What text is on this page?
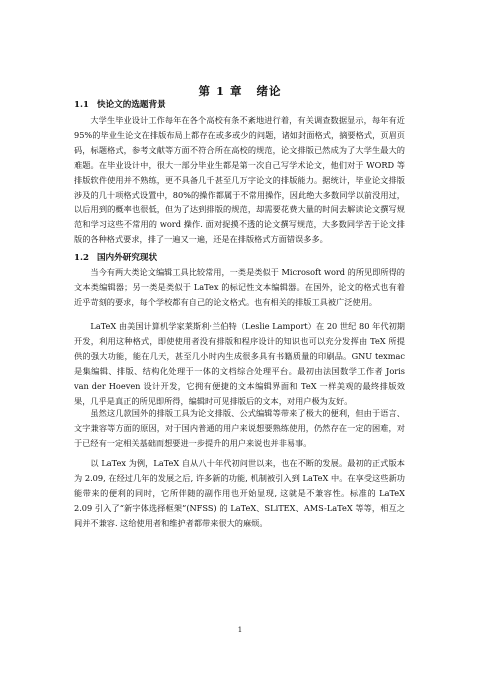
第 1 章 绪论
1.1 快论文的选题背景

大学生毕业设计工作每年在各个高校有条不紊地进行着，有关调查数据显示，每年有近 95%的毕业生论文在排版布局上都存在或多或少的问题，诸如封面格式，摘要格式，页眉页码，标题格式，参考文献等方面不符合所在高校的规范，论文排版已然成为了大学生最大的难题。在毕业设计中，很大一部分毕业生都是第一次自己写学术论文，他们对于 WORD 等排版软件使用并不熟练，更不具备几千甚至几万字论文的排版能力。据统计，毕业论文排版涉及的几十项格式设置中，80%的操作都属于不常用操作，因此绝大多数同学以前没用过，以后用到的概率也很低，但为了达到排版的规范，却需要花费大量的时间去解读论文撰写规范和学习这些不常用的 word 操作. 面对捉摸不透的论文撰写规范，大多数同学苦于论文排版的各种格式要求，排了一遍又一遍，还是在排版格式方面错误多多。

1.2 国内外研究现状

当今有两大类论文编辑工具比较常用，一类是类似于 Microsoft word 的所见即所得的文本类编辑器；另一类是类似于 LaTex 的标记性文本编辑器。在国外，论文的格式也有着近乎苛刻的要求，每个学校都有自己的论文格式。也有相关的排版工具被广泛使用。

LaTeX 由美国计算机学家莱斯利·兰伯特（Leslie Lamport）在 20 世纪 80 年代初期开发，利用这种格式，即使使用者没有排版和程序设计的知识也可以充分发挥由 TeX 所提供的强大功能，能在几天，甚至几小时内生成很多具有书籍质量的印刷品。GNU texmac 是集编辑、排版、结构化处理于一体的文档综合处理平台。最初由法国数学工作者 Joris van der Hoeven 设计开发，它拥有便捷的文本编辑界面和 TeX 一样美观的最终排版效果，几乎是真正的所见即所得，编辑时可见排版后的文本，对用户极为友好。

虽然这几款国外的排版工具为论文排版、公式编辑等带来了极大的便利，但由于语言、文字兼容等方面的原因，对于国内普通的用户来说想要熟练使用，仍然存在一定的困难，对于已经有一定相关基础而想要进一步提升的用户来说也并非易事。

以 LaTex 为例，LaTeX 自从八十年代初问世以来，也在不断的发展。最初的正式版本为 2.09, 在经过几年的发展之后, 许多新的功能, 机制被引入到 LaTeX 中。在享受这些新功能带来的便利的同时，它所伴随的副作用也开始显现, 这就是不兼容性。标准的 LaTeX 2.09 引入了“新字体选择框架”(NFSS) 的 LaTeX、SLiTEX、AMS-LaTeX 等等，相互之间并不兼容. 这给使用者和维护者都带来很大的麻烦。

1
